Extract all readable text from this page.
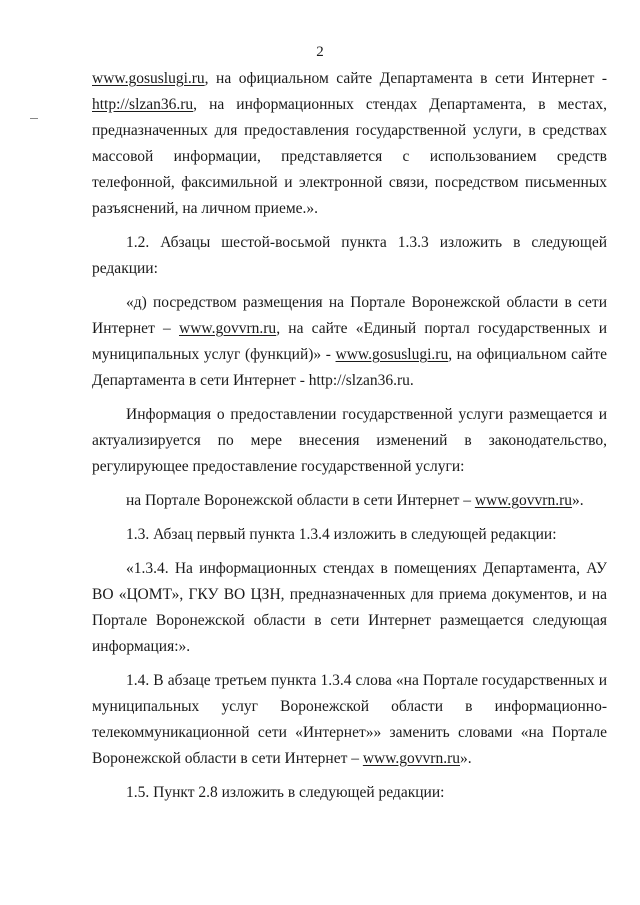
2

www.gosuslugi.ru, на официальном сайте Департамента в сети Интернет - http://slzan36.ru, на информационных стендах Департамента, в местах, предназначенных для предоставления государственной услуги, в средствах массовой информации, представляется с использованием средств телефонной, факсимильной и электронной связи, посредством письменных разъяснений, на личном приеме.».

1.2. Абзацы шестой-восьмой пункта 1.3.3 изложить в следующей редакции:

«д) посредством размещения на Портале Воронежской области в сети Интернет – www.govvrn.ru, на сайте «Единый портал государственных и муниципальных услуг (функций)» - www.gosuslugi.ru, на официальном сайте Департамента в сети Интернет - http://slzan36.ru.

Информация о предоставлении государственной услуги размещается и актуализируется по мере внесения изменений в законодательство, регулирующее предоставление государственной услуги:

на Портале Воронежской области в сети Интернет – www.govvrn.ru».

1.3. Абзац первый пункта 1.3.4 изложить в следующей редакции:

«1.3.4. На информационных стендах в помещениях Департамента, АУ ВО «ЦОМТ», ГКУ ВО ЦЗН, предназначенных для приема документов, и на Портале Воронежской области в сети Интернет размещается следующая информация:».

1.4. В абзаце третьем пункта 1.3.4 слова «на Портале государственных и муниципальных услуг Воронежской области в информационно-телекоммуникационной сети «Интернет»» заменить словами «на Портале Воронежской области в сети Интернет – www.govvrn.ru».

1.5. Пункт 2.8 изложить в следующей редакции:
